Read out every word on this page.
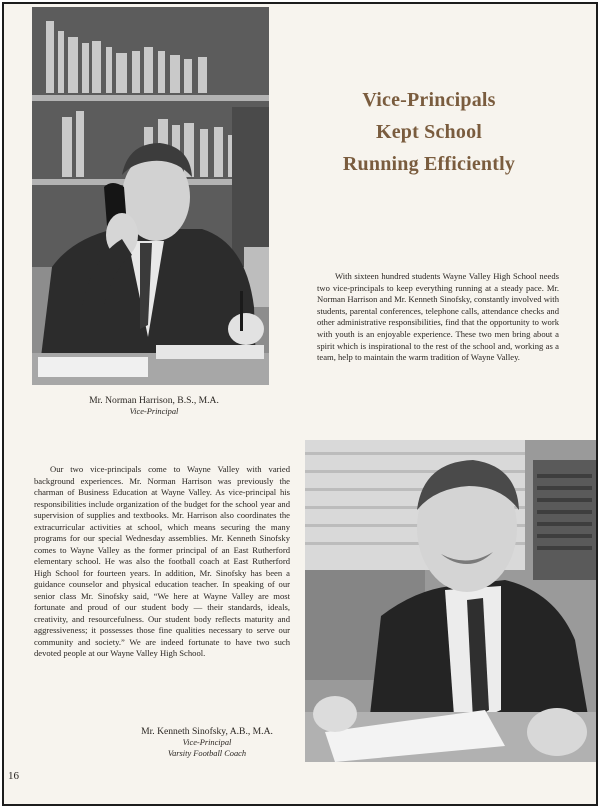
Vice-Principals
Kept School
Running Efficiently

With sixteen hundred students Wayne Valley High School needs two vice-principals to keep everything running at a steady pace. Mr. Norman Harrison and Mr. Kenneth Sinofsky, constantly involved with students, parental conferences, telephone calls, attendance checks and other administrative responsibilities, find that the opportunity to work with youth is an enjoyable experience. These two men bring about a spirit which is inspirational to the rest of the school and, working as a team, help to maintain the warm tradition of Wayne Valley.

Mr. Norman Harrison, B.S., M.A.
Vice-Principal

Our two vice-principals come to Wayne Valley with varied background experiences. Mr. Norman Harrison was previously the charman of Business Education at Wayne Valley. As vice-principal his responsibilities include organization of the budget for the school year and supervision of supplies and textbooks. Mr. Harrison also coordinates the extracurricular activities at school, which means securing the many programs for our special Wednesday assemblies. Mr. Kenneth Sinofsky comes to Wayne Valley as the former principal of an East Rutherford elementary school. He was also the football coach at East Rutherford High School for fourteen years. In addition, Mr. Sinofsky has been a guidance counselor and physical education teacher. In speaking of our senior class Mr. Sinofsky said, “We here at Wayne Valley are most fortunate and proud of our student body — their standards, ideals, creativity, and resourcefulness. Our student body reflects maturity and aggressiveness; it possesses those fine qualities necessary to serve our community and society.” We are indeed fortunate to have two such devoted people at our Wayne Valley High School.

Mr. Kenneth Sinofsky, A.B., M.A.
Vice-Principal
Varsity Football Coach
16
